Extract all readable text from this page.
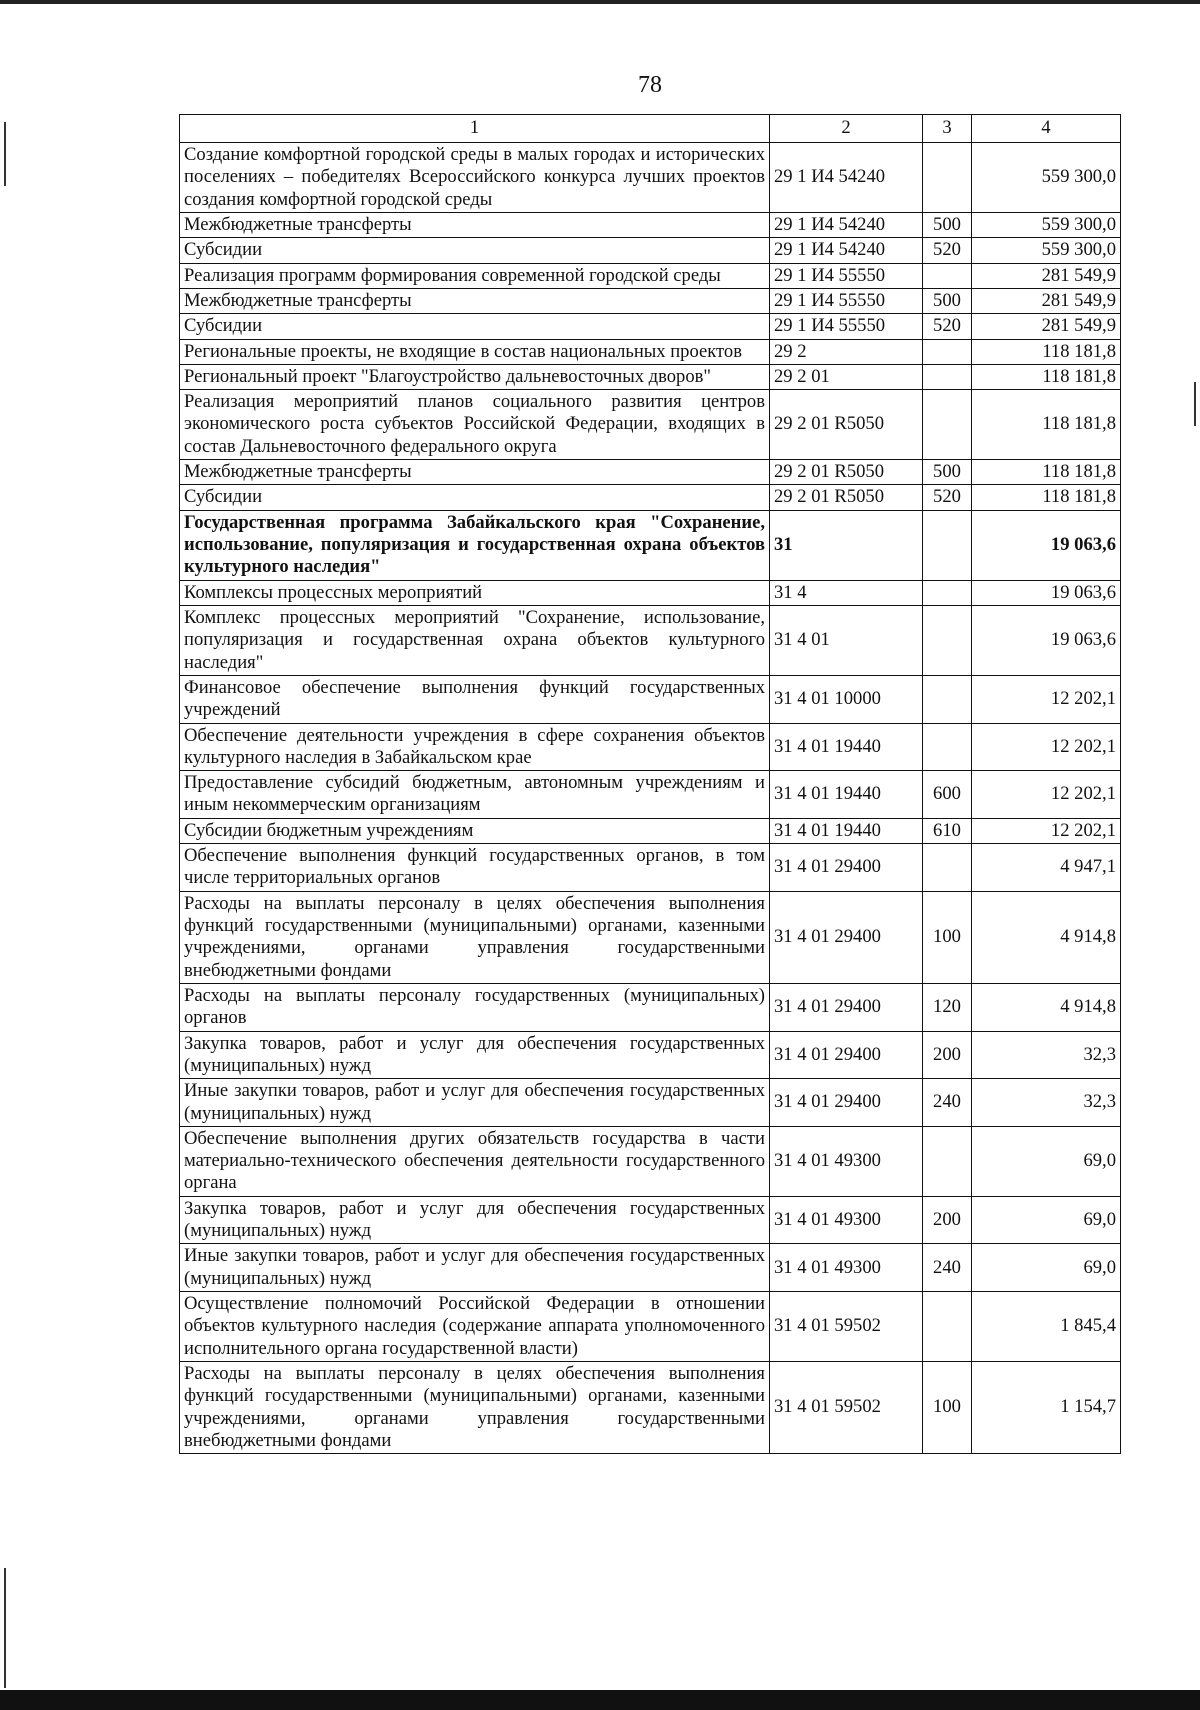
78
1	2	3	4
Создание комфортной городской среды в малых городах и исторических поселениях – победителях Всероссийского конкурса лучших проектов создания комфортной городской среды	29 1 И4 54240		559 300,0
Межбюджетные трансферты	29 1 И4 54240	500	559 300,0
Субсидии	29 1 И4 54240	520	559 300,0
Реализация программ формирования современной городской среды	29 1 И4 55550		281 549,9
Межбюджетные трансферты	29 1 И4 55550	500	281 549,9
Субсидии	29 1 И4 55550	520	281 549,9
Региональные проекты, не входящие в состав национальных проектов	29 2		118 181,8
Региональный проект "Благоустройство дальневосточных дворов"	29 2 01		118 181,8
Реализация мероприятий планов социального развития центров экономического роста субъектов Российской Федерации, входящих в состав Дальневосточного федерального округа	29 2 01 R5050		118 181,8
Межбюджетные трансферты	29 2 01 R5050	500	118 181,8
Субсидии	29 2 01 R5050	520	118 181,8
Государственная программа Забайкальского края "Сохранение, использование, популяризация и государственная охрана объектов культурного наследия"	31		19 063,6
Комплексы процессных мероприятий	31 4		19 063,6
Комплекс процессных мероприятий "Сохранение, использование, популяризация и государственная охрана объектов культурного наследия"	31 4 01		19 063,6
Финансовое обеспечение выполнения функций государственных учреждений	31 4 01 10000		12 202,1
Обеспечение деятельности учреждения в сфере сохранения объектов культурного наследия в Забайкальском крае	31 4 01 19440		12 202,1
Предоставление субсидий бюджетным, автономным учреждениям и иным некоммерческим организациям	31 4 01 19440	600	12 202,1
Субсидии бюджетным учреждениям	31 4 01 19440	610	12 202,1
Обеспечение выполнения функций государственных органов, в том числе территориальных органов	31 4 01 29400		4 947,1
Расходы на выплаты персоналу в целях обеспечения выполнения функций государственными (муниципальными) органами, казенными учреждениями, органами управления государственными внебюджетными фондами	31 4 01 29400	100	4 914,8
Расходы на выплаты персоналу государственных (муниципальных) органов	31 4 01 29400	120	4 914,8
Закупка товаров, работ и услуг для обеспечения государственных (муниципальных) нужд	31 4 01 29400	200	32,3
Иные закупки товаров, работ и услуг для обеспечения государственных (муниципальных) нужд	31 4 01 29400	240	32,3
Обеспечение выполнения других обязательств государства в части материально-технического обеспечения деятельности государственного органа	31 4 01 49300		69,0
Закупка товаров, работ и услуг для обеспечения государственных (муниципальных) нужд	31 4 01 49300	200	69,0
Иные закупки товаров, работ и услуг для обеспечения государственных (муниципальных) нужд	31 4 01 49300	240	69,0
Осуществление полномочий Российской Федерации в отношении объектов культурного наследия (содержание аппарата уполномоченного исполнительного органа государственной власти)	31 4 01 59502		1 845,4
Расходы на выплаты персоналу в целях обеспечения выполнения функций государственными (муниципальными) органами, казенными учреждениями, органами управления государственными внебюджетными фондами	31 4 01 59502	100	1 154,7
